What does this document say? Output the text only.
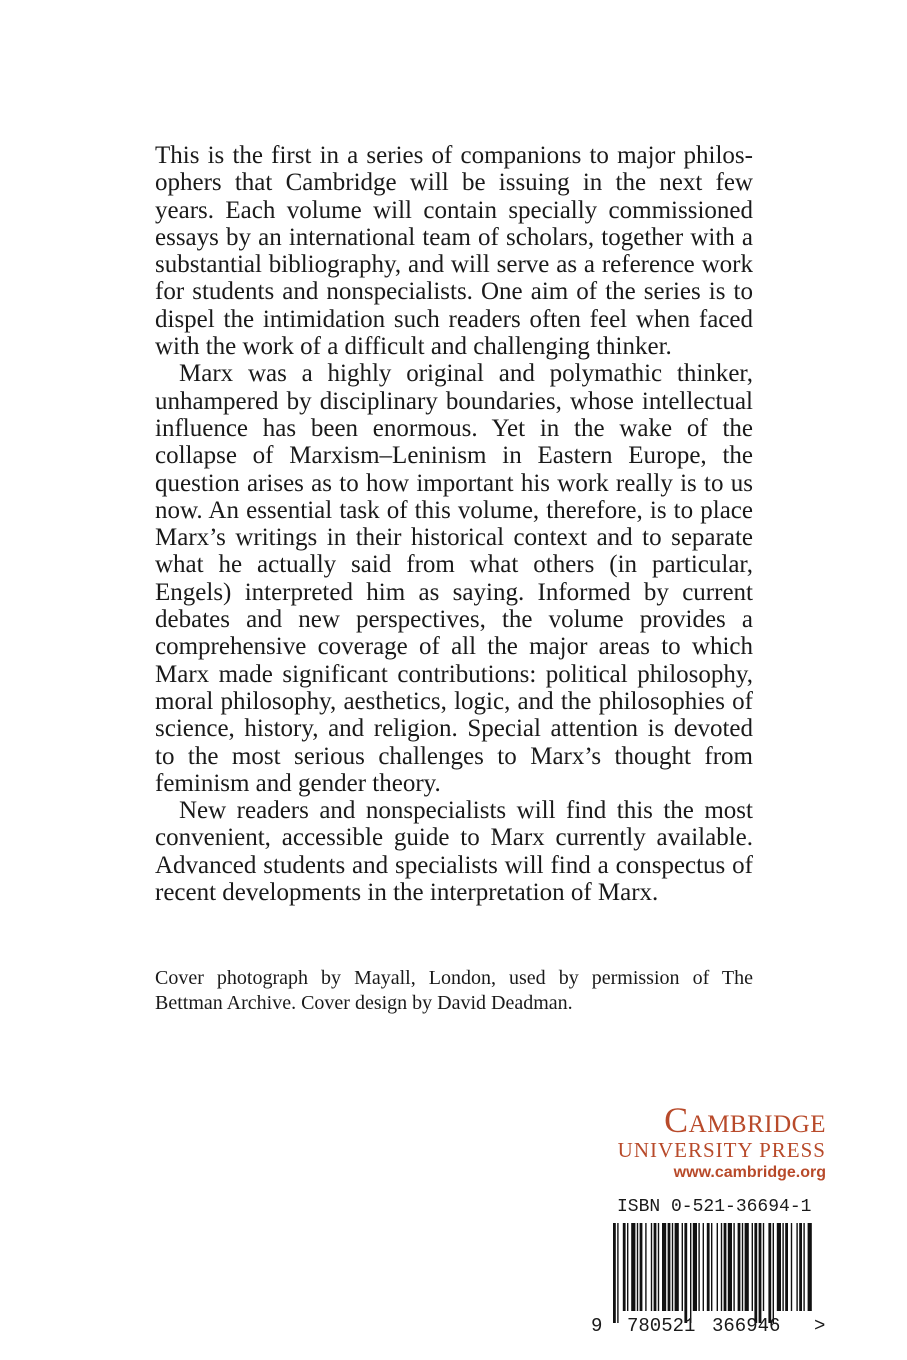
This is the first in a series of companions to major philosophers that Cambridge will be issuing in the next few years. Each volume will contain specially commissioned essays by an international team of scholars, together with a substantial bibliography, and will serve as a reference work for students and nonspecialists. One aim of the series is to dispel the intimidation such readers often feel when faced with the work of a difficult and challenging thinker.

Marx was a highly original and polymathic thinker, unhampered by disciplinary boundaries, whose intellectual influence has been enormous. Yet in the wake of the collapse of Marxism–Leninism in Eastern Europe, the question arises as to how important his work really is to us now. An essential task of this volume, therefore, is to place Marx’s writings in their historical context and to separate what he actually said from what others (in particular, Engels) interpreted him as saying. Informed by current debates and new perspectives, the volume provides a comprehensive coverage of all the major areas to which Marx made significant contributions: political philosophy, moral philosophy, aesthetics, logic, and the philosophies of science, history, and religion. Special attention is devoted to the most serious challenges to Marx’s thought from feminism and gender theory.

New readers and nonspecialists will find this the most convenient, accessible guide to Marx currently available. Advanced students and specialists will find a conspectus of recent developments in the interpretation of Marx.

Cover photograph by Mayall, London, used by permission of The Bettman Archive. Cover design by David Deadman.
Cambridge
UNIVERSITY PRESS
www.cambridge.org
ISBN 0-521-36694-1
9 780521 366946 >
